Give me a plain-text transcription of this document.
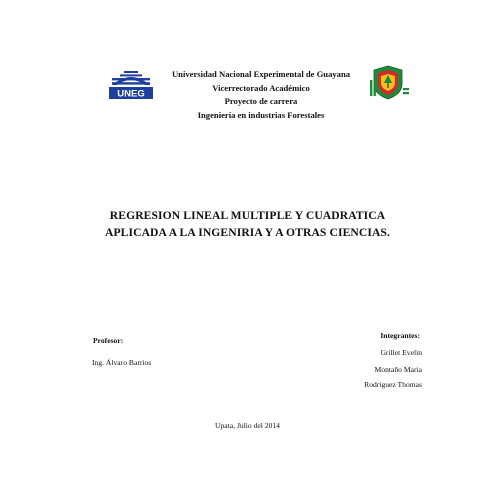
UNEG
Universidad Nacional Experimental de Guayana
Vicerrectorado Académico
Proyecto de carrera
Ingeniería en industrias Forestales
REGRESION LINEAL MULTIPLE Y CUADRATICA
APLICADA A LA INGENIRIA Y A OTRAS CIENCIAS.
Profesor:
Ing. Álvaro Barrios
Integrantes:
Grillet Evelin
Montaño Maria
Rodriguez Thomas
Upata, Julio del 2014
